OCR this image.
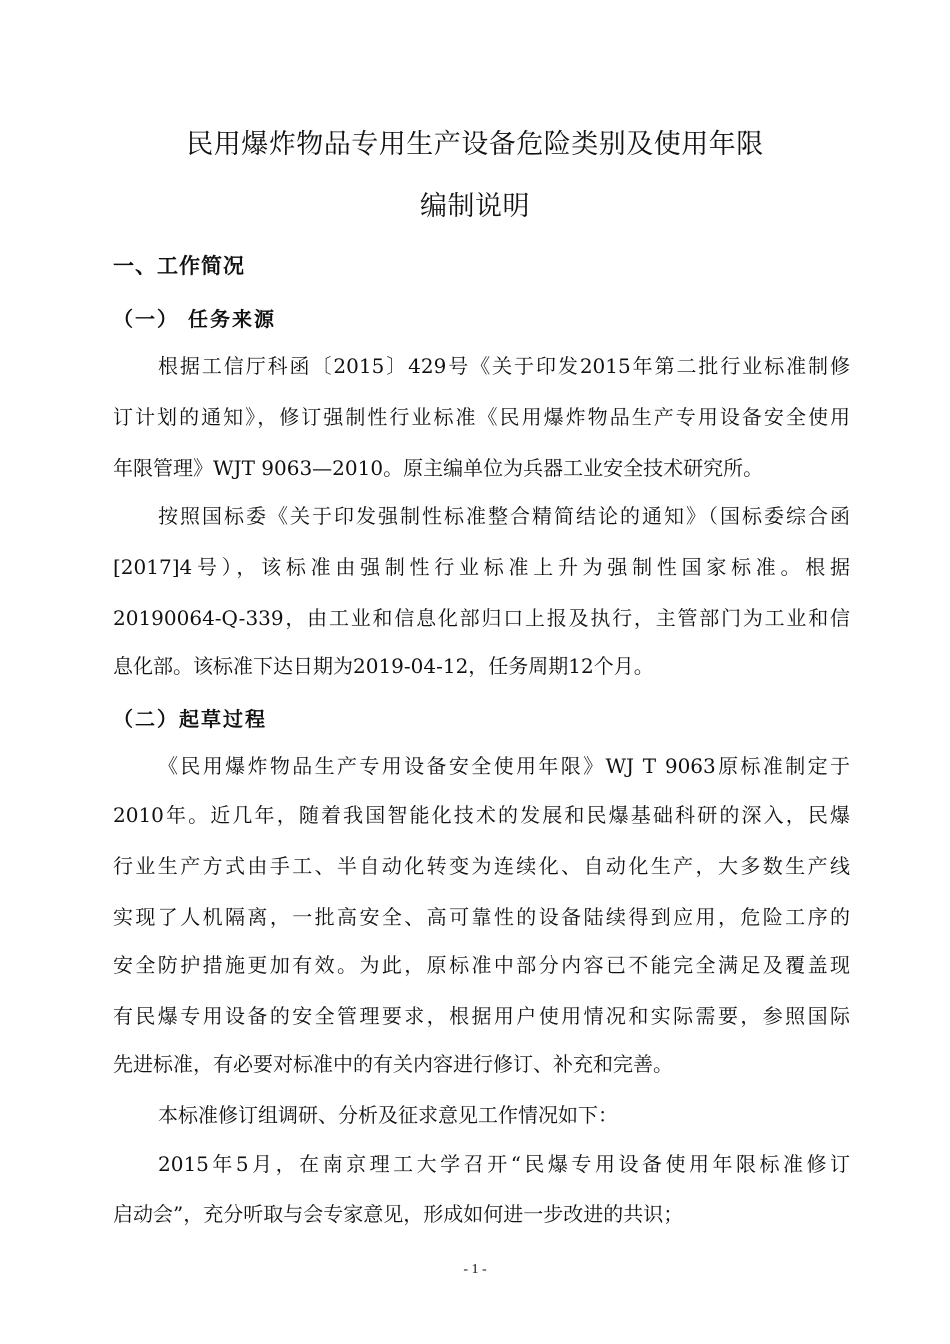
民用爆炸物品专用生产设备危险类别及使用年限
编制说明
一、工作简况
（一） 任务来源
根据工信厅科函〔2015〕429号《关于印发2015年第二批行业标准制修
订计划的通知》，修订强制性行业标准《民用爆炸物品生产专用设备安全使用
年限管理》WJT 9063—2010。原主编单位为兵器工业安全技术研究所。
按照国标委《关于印发强制性标准整合精简结论的通知》（国标委综合函
[2017]4号），该标准由强制性行业标准上升为强制性国家标准。根据
20190064-Q-339，由工业和信息化部归口上报及执行，主管部门为工业和信
息化部。该标准下达日期为2019-04-12，任务周期12个月。
（二）起草过程
《民用爆炸物品生产专用设备安全使用年限》WJ T 9063原标准制定于
2010年。近几年，随着我国智能化技术的发展和民爆基础科研的深入，民爆
行业生产方式由手工、半自动化转变为连续化、自动化生产，大多数生产线
实现了人机隔离，一批高安全、高可靠性的设备陆续得到应用，危险工序的
安全防护措施更加有效。为此，原标准中部分内容已不能完全满足及覆盖现
有民爆专用设备的安全管理要求，根据用户使用情况和实际需要，参照国际
先进标准，有必要对标准中的有关内容进行修订、补充和完善。
本标准修订组调研、分析及征求意见工作情况如下：
2015年5月，在南京理工大学召开“民爆专用设备使用年限标准修订
启动会”，充分听取与会专家意见，形成如何进一步改进的共识；
- 1 -
